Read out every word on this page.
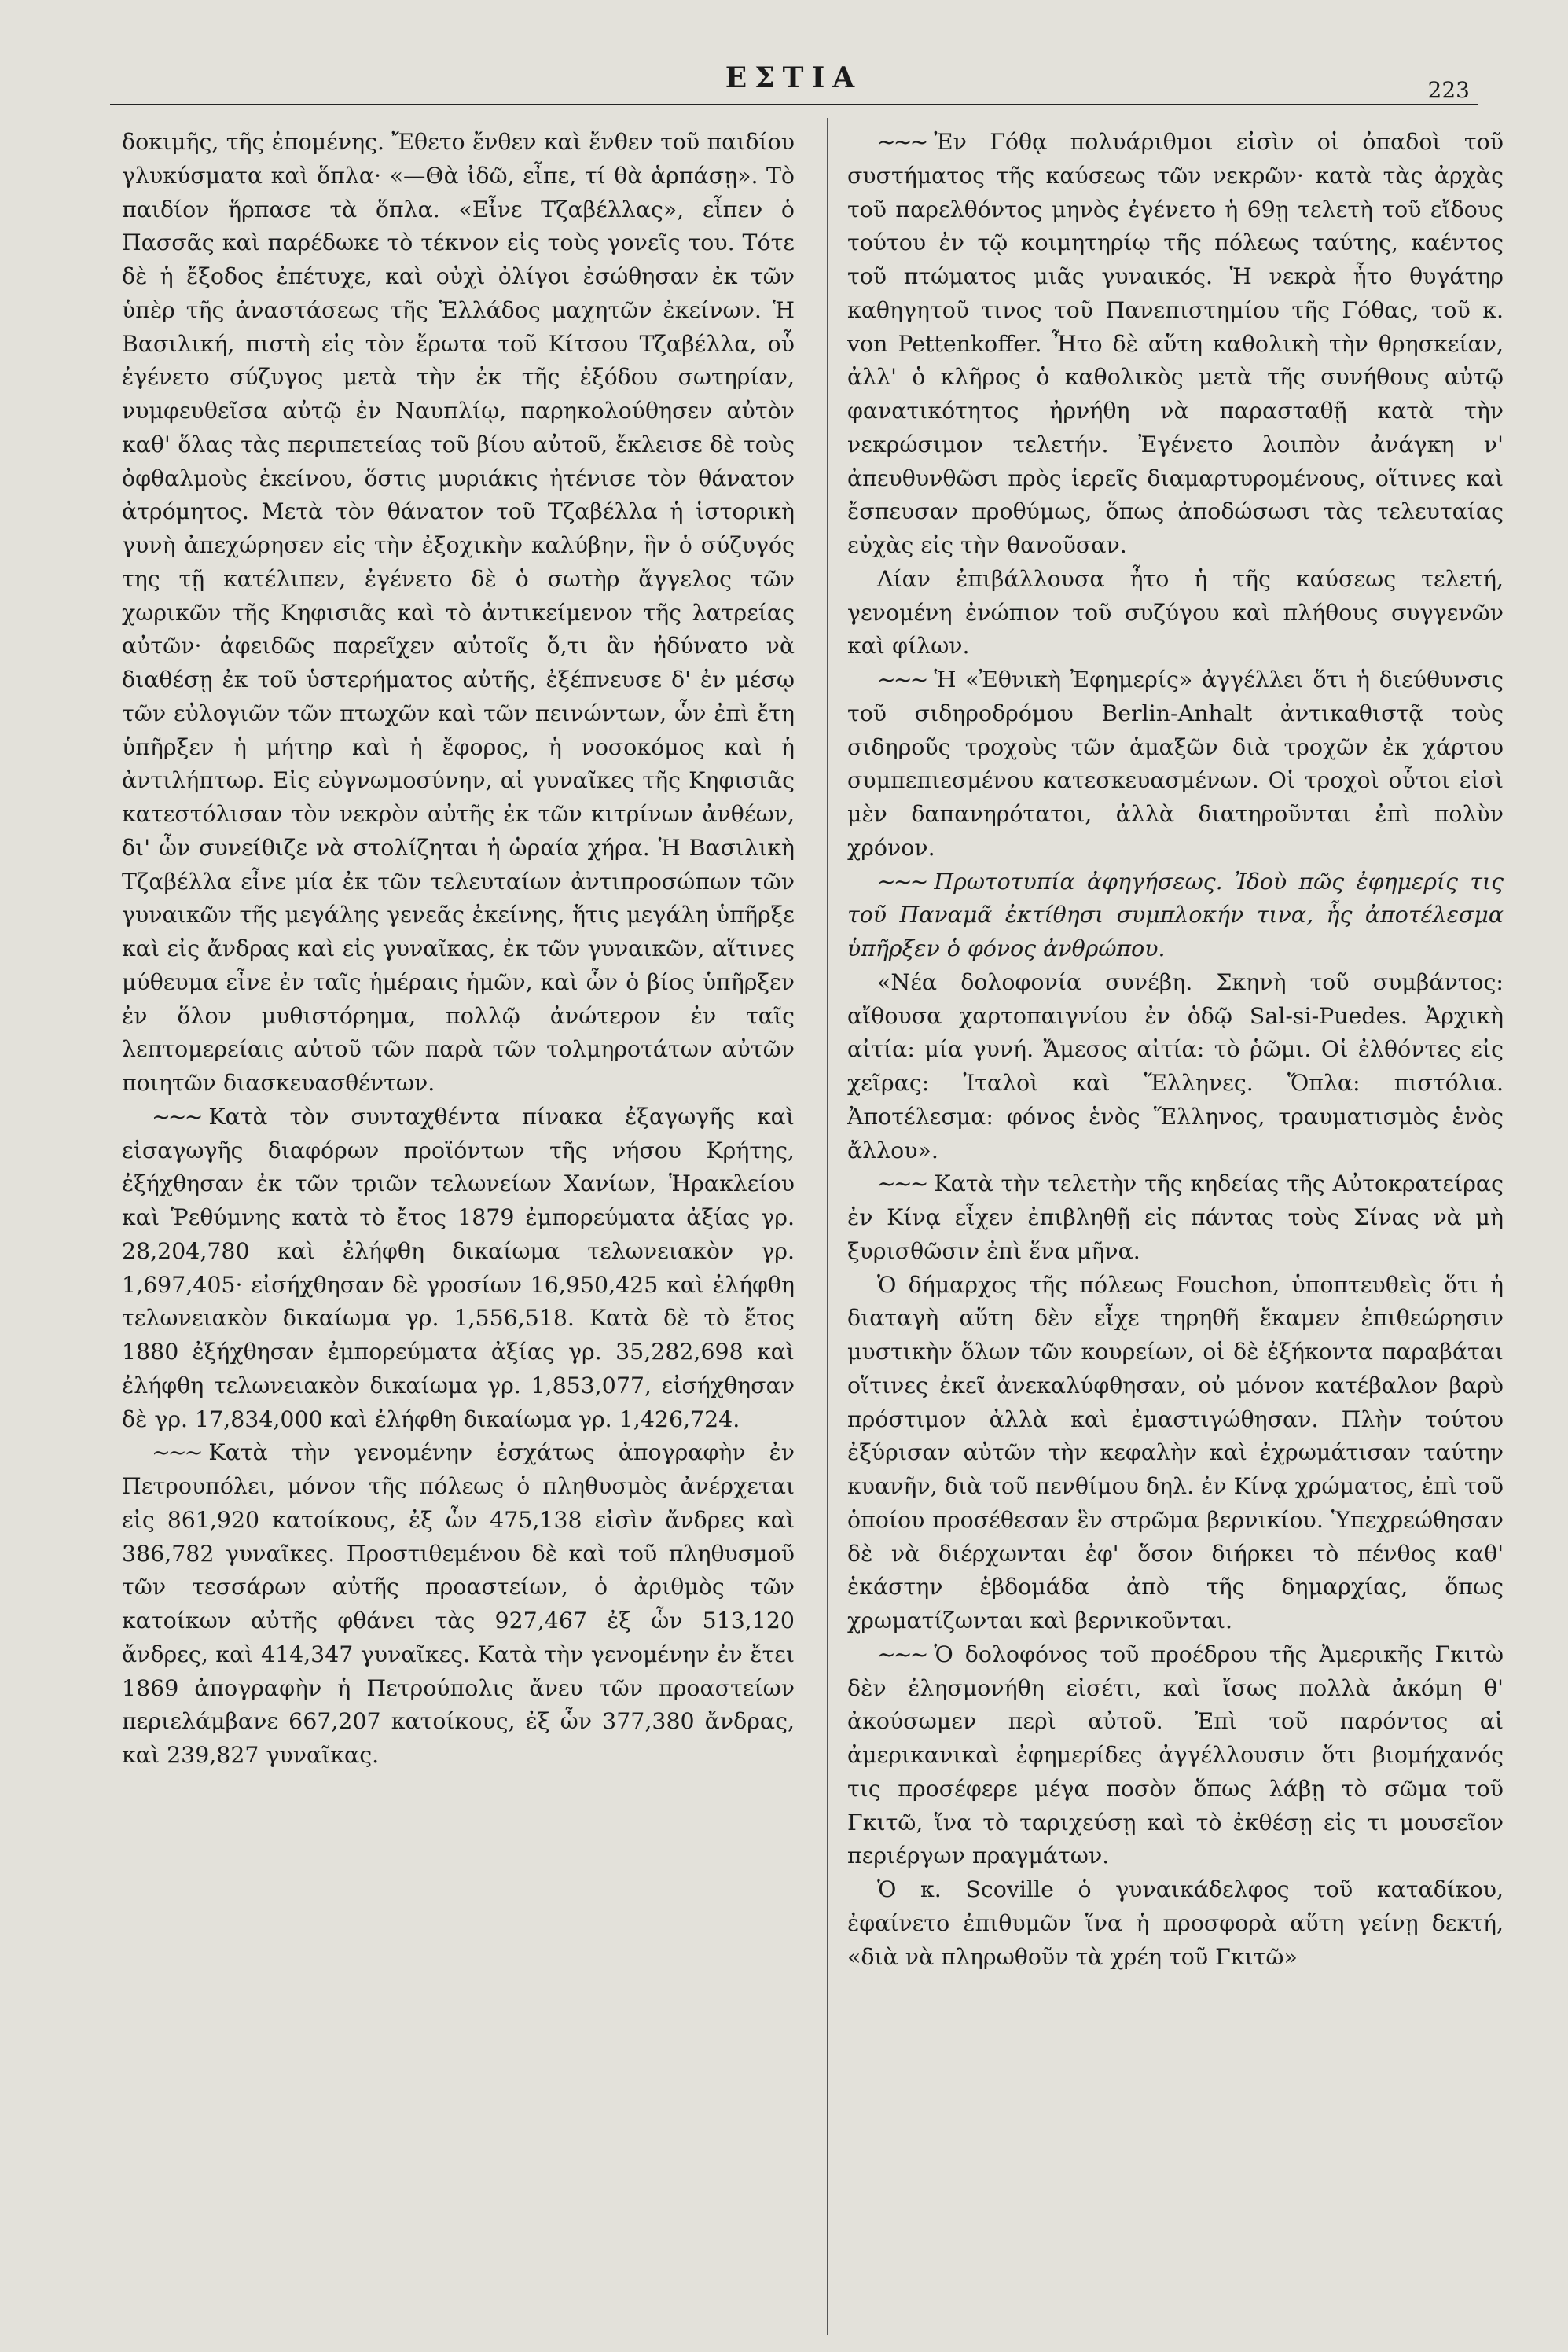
ΕΣΤΙΑ	223

δοκιμῆς, τῆς ἐπομένης. Ἔθετο ἔνθεν καὶ ἔνθεν τοῦ παιδίου γλυκύσματα καὶ ὅπλα· «—Θὰ ἰδῶ, εἶπε, τί θὰ ἁρπάσῃ». Τὸ παιδίον ἥρπασε τὰ ὅπλα. «Εἶνε Τζαβέλλας», εἶπεν ὁ Πασσᾶς καὶ παρέδωκε τὸ τέκνον εἰς τοὺς γονεῖς του. Τότε δὲ ἡ ἔξοδος ἐπέτυχε, καὶ οὐχὶ ὀλίγοι ἐσώθησαν ἐκ τῶν ὑπὲρ τῆς ἀναστάσεως τῆς Ἑλλάδος μαχητῶν ἐκείνων. Ἡ Βασιλική, πιστὴ εἰς τὸν ἔρωτα τοῦ Κίτσου Τζαβέλλα, οὗ ἐγένετο σύζυγος μετὰ τὴν ἐκ τῆς ἐξόδου σωτηρίαν, νυμφευθεῖσα αὐτῷ ἐν Ναυπλίῳ, παρηκολούθησεν αὐτὸν καθ' ὅλας τὰς περιπετείας τοῦ βίου αὐτοῦ, ἔκλεισε δὲ τοὺς ὀφθαλμοὺς ἐκείνου, ὅστις μυριάκις ἠτένισε τὸν θάνατον ἀτρόμητος. Μετὰ τὸν θάνατον τοῦ Τζαβέλλα ἡ ἱστορικὴ γυνὴ ἀπεχώρησεν εἰς τὴν ἐξοχικὴν καλύβην, ἣν ὁ σύζυγός της τῇ κατέλιπεν, ἐγένετο δὲ ὁ σωτὴρ ἄγγελος τῶν χωρικῶν τῆς Κηφισιᾶς καὶ τὸ ἀντικείμενον τῆς λατρείας αὐτῶν· ἀφειδῶς παρεῖχεν αὐτοῖς ὅ,τι ἂν ἠδύνατο νὰ διαθέσῃ ἐκ τοῦ ὑστερήματος αὐτῆς, ἐξέπνευσε δ' ἐν μέσῳ τῶν εὐλογιῶν τῶν πτωχῶν καὶ τῶν πεινώντων, ὧν ἐπὶ ἔτη ὑπῆρξεν ἡ μήτηρ καὶ ἡ ἔφορος, ἡ νοσοκόμος καὶ ἡ ἀντιλήπτωρ. Εἰς εὐγνωμοσύνην, αἱ γυναῖκες τῆς Κηφισιᾶς κατεστόλισαν τὸν νεκρὸν αὐτῆς ἐκ τῶν κιτρίνων ἀνθέων, δι' ὧν συνείθιζε νὰ στολίζηται ἡ ὡραία χήρα. Ἡ Βασιλικὴ Τζαβέλλα εἶνε μία ἐκ τῶν τελευταίων ἀντιπροσώπων τῶν γυναικῶν τῆς μεγάλης γενεᾶς ἐκείνης, ἥτις μεγάλη ὑπῆρξε καὶ εἰς ἄνδρας καὶ εἰς γυναῖκας, ἐκ τῶν γυναικῶν, αἵτινες μύθευμα εἶνε ἐν ταῖς ἡμέραις ἡμῶν, καὶ ὧν ὁ βίος ὑπῆρξεν ἐν ὅλον μυθιστόρημα, πολλῷ ἀνώτερον ἐν ταῖς λεπτομερείαις αὐτοῦ τῶν παρὰ τῶν τολμηροτάτων αὐτῶν ποιητῶν διασκευασθέντων.

~~~ Κατὰ τὸν συνταχθέντα πίνακα ἐξαγωγῆς καὶ εἰσαγωγῆς διαφόρων προϊόντων τῆς νήσου Κρήτης, ἐξήχθησαν ἐκ τῶν τριῶν τελωνείων Χανίων, Ἡρακλείου καὶ Ῥεθύμνης κατὰ τὸ ἔτος 1879 ἐμπορεύματα ἀξίας γρ. 28,204,780 καὶ ἐλήφθη δικαίωμα τελωνειακὸν γρ. 1,697,405· εἰσήχθησαν δὲ γροσίων 16,950,425 καὶ ἐλήφθη τελωνειακὸν δικαίωμα γρ. 1,556,518. Κατὰ δὲ τὸ ἔτος 1880 ἐξήχθησαν ἐμπορεύματα ἀξίας γρ. 35,282,698 καὶ ἐλήφθη τελωνειακὸν δικαίωμα γρ. 1,853,077, εἰσήχθησαν δὲ γρ. 17,834,000 καὶ ἐλήφθη δικαίωμα γρ. 1,426,724.

~~~ Κατὰ τὴν γενομένην ἐσχάτως ἀπογραφὴν ἐν Πετρουπόλει, μόνον τῆς πόλεως ὁ πληθυσμὸς ἀνέρχεται εἰς 861,920 κατοίκους, ἐξ ὧν 475,138 εἰσὶν ἄνδρες καὶ 386,782 γυναῖκες. Προστιθεμένου δὲ καὶ τοῦ πληθυσμοῦ τῶν τεσσάρων αὐτῆς προαστείων, ὁ ἀριθμὸς τῶν κατοίκων αὐτῆς φθάνει τὰς 927,467 ἐξ ὧν 513,120 ἄνδρες, καὶ 414,347 γυναῖκες. Κατὰ τὴν γενομένην ἐν ἔτει 1869 ἀπογραφὴν ἡ Πετρούπολις ἄνευ τῶν προαστείων περιελάμβανε 667,207 κατοίκους, ἐξ ὧν 377,380 ἄνδρας, καὶ 239,827 γυναῖκας.

~~~ Ἐν Γόθᾳ πολυάριθμοι εἰσὶν οἱ ὀπαδοὶ τοῦ συστήματος τῆς καύσεως τῶν νεκρῶν· κατὰ τὰς ἀρχὰς τοῦ παρελθόντος μηνὸς ἐγένετο ἡ 69ῃ τελετὴ τοῦ εἴδους τούτου ἐν τῷ κοιμητηρίῳ τῆς πόλεως ταύτης, καέντος τοῦ πτώματος μιᾶς γυναικός. Ἡ νεκρὰ ἦτο θυγάτηρ καθηγητοῦ τινος τοῦ Πανεπιστημίου τῆς Γόθας, τοῦ κ. von Pettenkoffer. Ἦτο δὲ αὕτη καθολικὴ τὴν θρησκείαν, ἀλλ' ὁ κλῆρος ὁ καθολικὸς μετὰ τῆς συνήθους αὐτῷ φανατικότητος ἠρνήθη νὰ παρασταθῇ κατὰ τὴν νεκρώσιμον τελετήν. Ἐγένετο λοιπὸν ἀνάγκη ν' ἀπευθυνθῶσι πρὸς ἱερεῖς διαμαρτυρομένους, οἵτινες καὶ ἔσπευσαν προθύμως, ὅπως ἀποδώσωσι τὰς τελευταίας εὐχὰς εἰς τὴν θανοῦσαν.

Λίαν ἐπιβάλλουσα ἦτο ἡ τῆς καύσεως τελετή, γενομένη ἐνώπιον τοῦ συζύγου καὶ πλήθους συγγενῶν καὶ φίλων.

~~~ Ἡ «Ἐθνικὴ Ἐφημερίς» ἀγγέλλει ὅτι ἡ διεύθυνσις τοῦ σιδηροδρόμου Berlin-Anhalt ἀντικαθιστᾷ τοὺς σιδηροῦς τροχοὺς τῶν ἁμαξῶν διὰ τροχῶν ἐκ χάρτου συμπεπιεσμένου κατεσκευασμένων. Οἱ τροχοὶ οὗτοι εἰσὶ μὲν δαπανηρότατοι, ἀλλὰ διατηροῦνται ἐπὶ πολὺν χρόνον.

~~~ Πρωτοτυπία ἀφηγήσεως. Ἰδοὺ πῶς ἐφημερίς τις τοῦ Παναμᾶ ἐκτίθησι συμπλοκήν τινα, ἧς ἀποτέλεσμα ὑπῆρξεν ὁ φόνος ἀνθρώπου.

«Νέα δολοφονία συνέβη. Σκηνὴ τοῦ συμβάντος: αἴθουσα χαρτοπαιγνίου ἐν ὁδῷ Sal-si-Puedes. Ἀρχικὴ αἰτία: μία γυνή. Ἄμεσος αἰτία: τὸ ῥῶμι. Οἱ ἐλθόντες εἰς χεῖρας: Ἰταλοὶ καὶ Ἕλληνες. Ὅπλα: πιστόλια. Ἀποτέλεσμα: φόνος ἑνὸς Ἕλληνος, τραυματισμὸς ἑνὸς ἄλλου».

~~~ Κατὰ τὴν τελετὴν τῆς κηδείας τῆς Αὐτοκρατείρας ἐν Κίνᾳ εἶχεν ἐπιβληθῇ εἰς πάντας τοὺς Σίνας νὰ μὴ ξυρισθῶσιν ἐπὶ ἕνα μῆνα.

Ὁ δήμαρχος τῆς πόλεως Fouchon, ὑποπτευθεὶς ὅτι ἡ διαταγὴ αὕτη δὲν εἶχε τηρηθῆ ἔκαμεν ἐπιθεώρησιν μυστικὴν ὅλων τῶν κουρείων, οἱ δὲ ἐξήκοντα παραβάται οἵτινες ἐκεῖ ἀνεκαλύφθησαν, οὐ μόνον κατέβαλον βαρὺ πρόστιμον ἀλλὰ καὶ ἐμαστιγώθησαν. Πλὴν τούτου ἐξύρισαν αὐτῶν τὴν κεφαλὴν καὶ ἐχρωμάτισαν ταύτην κυανῆν, διὰ τοῦ πενθίμου δηλ. ἐν Κίνᾳ χρώματος, ἐπὶ τοῦ ὁποίου προσέθεσαν ἓν στρῶμα βερνικίου. Ὑπεχρεώθησαν δὲ νὰ διέρχωνται ἐφ' ὅσον διήρκει τὸ πένθος καθ' ἑκάστην ἑβδομάδα ἀπὸ τῆς δημαρχίας, ὅπως χρωματίζωνται καὶ βερνικοῦνται.

~~~ Ὁ δολοφόνος τοῦ προέδρου τῆς Ἀμερικῆς Γκιτὼ δὲν ἐλησμονήθη εἰσέτι, καὶ ἴσως πολλὰ ἀκόμη θ' ἀκούσωμεν περὶ αὐτοῦ. Ἐπὶ τοῦ παρόντος αἱ ἀμερικανικαὶ ἐφημερίδες ἀγγέλλουσιν ὅτι βιομήχανός τις προσέφερε μέγα ποσὸν ὅπως λάβῃ τὸ σῶμα τοῦ Γκιτῶ, ἵνα τὸ ταριχεύσῃ καὶ τὸ ἐκθέσῃ εἰς τι μουσεῖον περιέργων πραγμάτων.

Ὁ κ. Scoville ὁ γυναικάδελφος τοῦ καταδίκου, ἐφαίνετο ἐπιθυμῶν ἵνα ἡ προσφορὰ αὕτη γείνῃ δεκτή, «διὰ νὰ πληρωθοῦν τὰ χρέη τοῦ Γκιτῶ»
